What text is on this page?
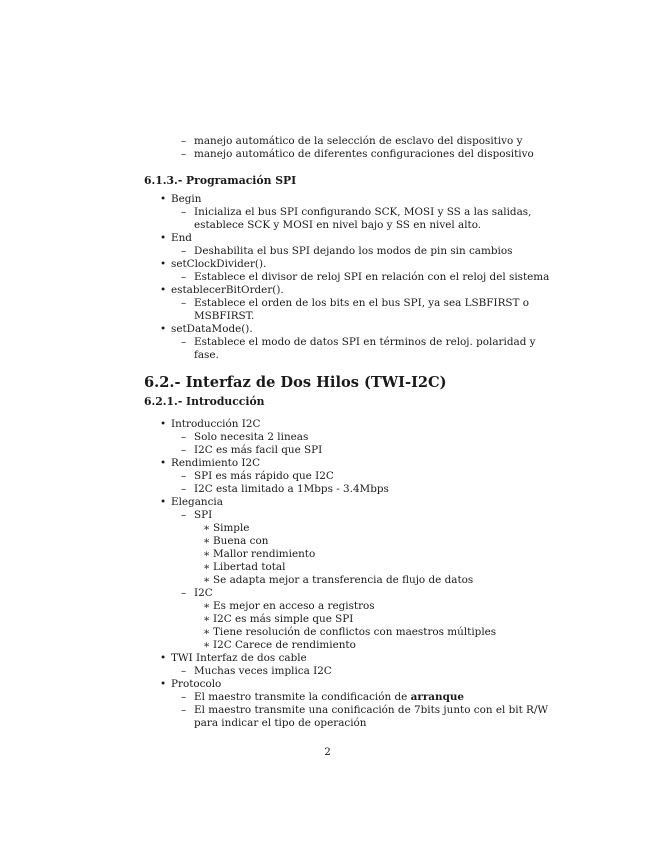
– manejo automático de la selección de esclavo del dispositivo y
– manejo automático de diferentes configuraciones del dispositivo
6.1.3.- Programación SPI
• Begin
– Inicializa el bus SPI configurando SCK, MOSI y SS a las salidas,
establece SCK y MOSI en nivel bajo y SS en nivel alto.
• End
– Deshabilita el bus SPI dejando los modos de pin sin cambios
• setClockDivider().
– Establece el divisor de reloj SPI en relación con el reloj del sistema
• establecerBitOrder().
– Establece el orden de los bits en el bus SPI, ya sea LSBFIRST o
MSBFIRST.
• setDataMode().
– Establece el modo de datos SPI en términos de reloj. polaridad y
fase.
6.2.- Interfaz de Dos Hilos (TWI-I2C)
6.2.1.- Introducción
• Introducción I2C
– Solo necesita 2 lineas
– I2C es más facil que SPI
• Rendimiento I2C
– SPI es más rápido que I2C
– I2C esta limitado a 1Mbps - 3.4Mbps
• Elegancia
– SPI
∗ Simple
∗ Buena con
∗ Mallor rendimiento
∗ Libertad total
∗ Se adapta mejor a transferencia de flujo de datos
– I2C
∗ Es mejor en acceso a registros
∗ I2C es más simple que SPI
∗ Tiene resolución de conflictos con maestros múltiples
∗ I2C Carece de rendimiento
• TWI Interfaz de dos cable
– Muchas veces implica I2C
• Protocolo
– El maestro transmite la condificación de arranque
– El maestro transmite una conificación de 7bits junto con el bit R/W
para indicar el tipo de operación
2
